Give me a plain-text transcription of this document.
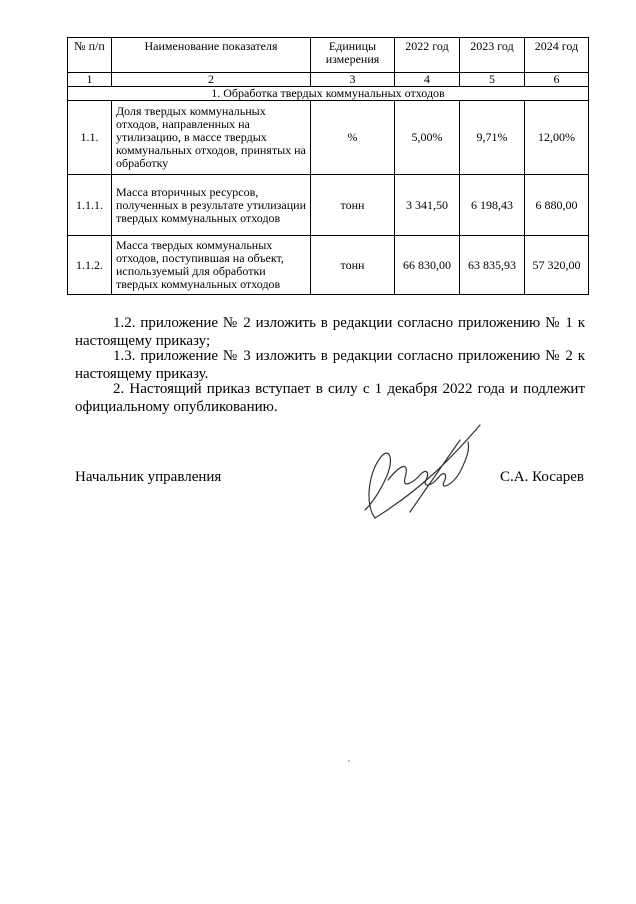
№ п/п	Наименование показателя	Единицы измерения	2022 год	2023 год	2024 год
1	2	3	4	5	6
1. Обработка твердых коммунальных отходов					
1.1.	Доля твердых коммунальных отходов, направленных на утилизацию, в массе твердых коммунальных отходов, принятых на обработку	%	5,00%	9,71%	12,00%
1.1.1.	Масса вторичных ресурсов, полученных в результате утилизации твердых коммунальных отходов	тонн	3 341,50	6 198,43	6 880,00
1.1.2.	Масса твердых коммунальных отходов, поступившая на объект, используемый для обработки твердых коммунальных отходов	тонн	66 830,00	63 835,93	57 320,00
1.2. приложение № 2 изложить в редакции согласно приложению № 1 к настоящему приказу;
1.3. приложение № 3 изложить в редакции согласно приложению № 2 к настоящему приказу.
2. Настоящий приказ вступает в силу с 1 декабря 2022 года и подлежит официальному опубликованию.
Начальник управления	С.А. Косарев
